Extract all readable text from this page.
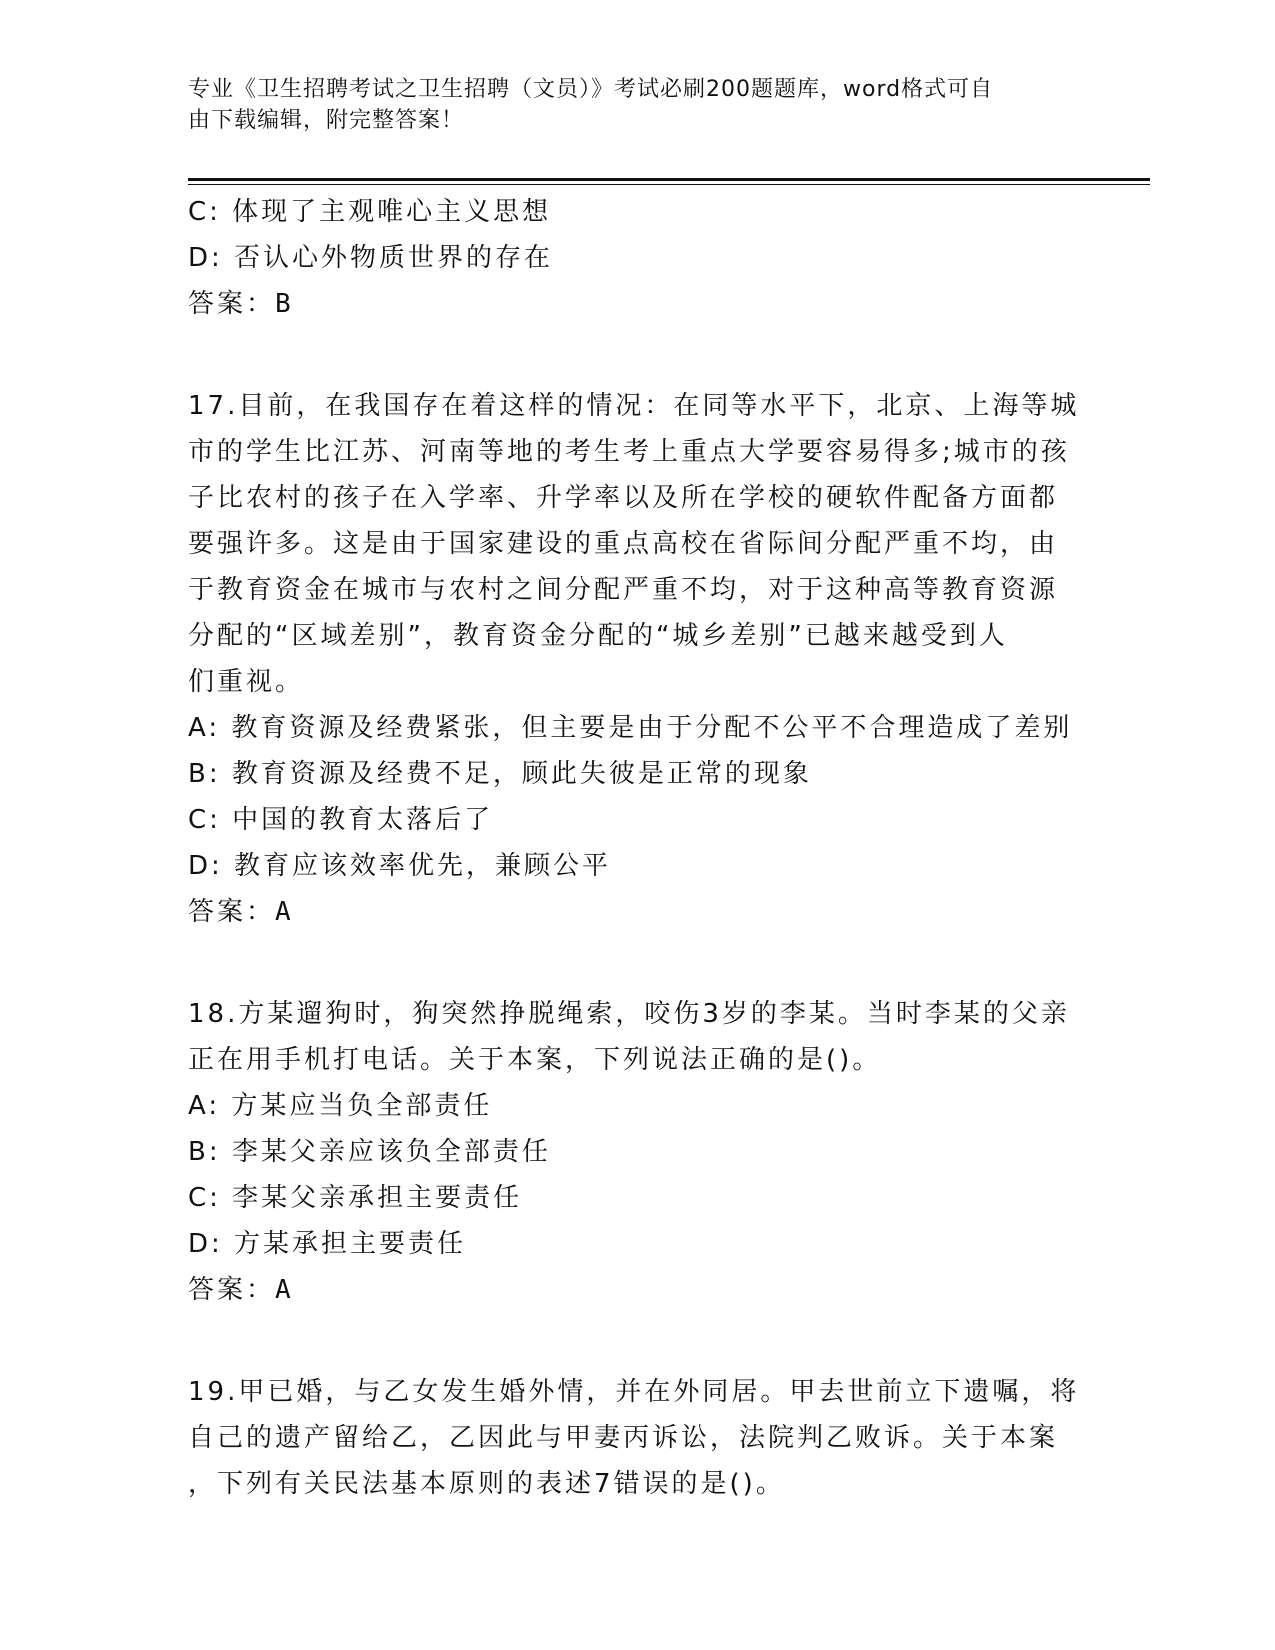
专业《卫生招聘考试之卫生招聘（文员）》考试必刷200题题库，word格式可自
由下载编辑，附完整答案！
C: 体现了主观唯心主义思想
D: 否认心外物质世界的存在
答案：B
17.目前，在我国存在着这样的情况：在同等水平下，北京、上海等城
市的学生比江苏、河南等地的考生考上重点大学要容易得多;城市的孩
子比农村的孩子在入学率、升学率以及所在学校的硬软件配备方面都
要强许多。这是由于国家建设的重点高校在省际间分配严重不均，由
于教育资金在城市与农村之间分配严重不均，对于这种高等教育资源
分配的“区域差别”，教育资金分配的“城乡差别”已越来越受到人
们重视。
A: 教育资源及经费紧张，但主要是由于分配不公平不合理造成了差别
B: 教育资源及经费不足，顾此失彼是正常的现象
C: 中国的教育太落后了
D: 教育应该效率优先，兼顾公平
答案：A
18.方某遛狗时，狗突然挣脱绳索，咬伤3岁的李某。当时李某的父亲
正在用手机打电话。关于本案，下列说法正确的是()。
A: 方某应当负全部责任
B: 李某父亲应该负全部责任
C: 李某父亲承担主要责任
D: 方某承担主要责任
答案：A
19.甲已婚，与乙女发生婚外情，并在外同居。甲去世前立下遗嘱，将
自己的遗产留给乙，乙因此与甲妻丙诉讼，法院判乙败诉。关于本案
，下列有关民法基本原则的表述7错误的是()。
